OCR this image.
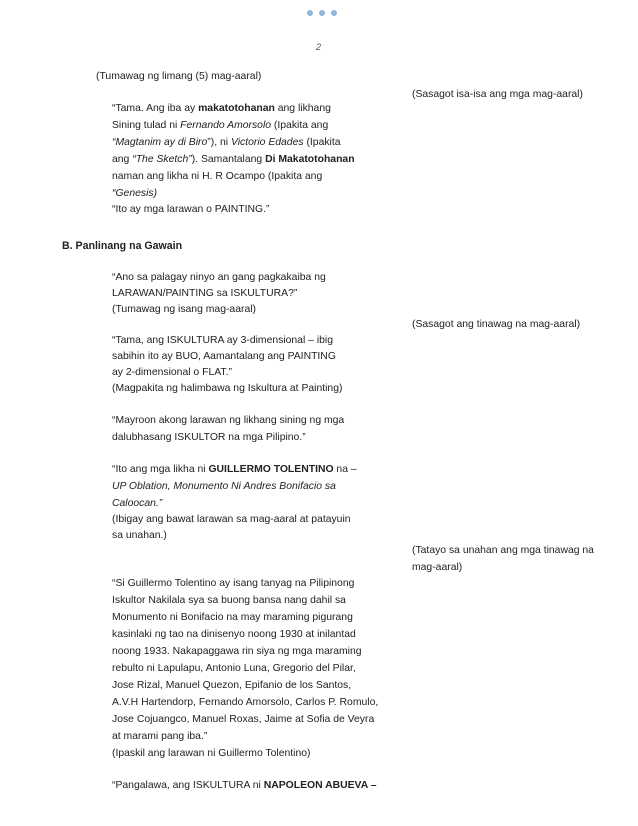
2
(Tumawag ng limang (5) mag-aaral)
(Sasagot isa-isa ang mga mag-aaral)
“Tama. Ang iba ay makatotohanan ang likhang
Sining tulad ni Fernando Amorsolo (Ipakita ang
“Magtanim ay di Biro”), ni Victorio Edades (Ipakita
ang “The Sketch”). Samantalang Di Makatotohanan
naman ang likha ni H. R Ocampo (Ipakita ang
“Genesis)
“Ito ay mga larawan o PAINTING.”
B. Panlinang na Gawain
“Ano sa palagay ninyo an gang pagkakaiba ng
LARAWAN/PAINTING sa ISKULTURA?”
(Tumawag ng isang mag-aaral)
(Sasagot ang tinawag na mag-aaral)
“Tama, ang ISKULTURA ay 3-dimensional – ibig
sabihin ito ay BUO, Aamantalang ang PAINTING
ay 2-dimensional o FLAT.”
(Magpakita ng halimbawa ng Iskultura at Painting)
“Mayroon akong larawan ng likhang sining ng mga
dalubhasang ISKULTOR na mga Pilipino.”
“Ito ang mga likha ni GUILLERMO TOLENTINO na –
UP Oblation, Monumento Ni Andres Bonifacio sa
Caloocan.”
(Ibigay ang bawat larawan sa mag-aaral at patayuin
sa unahan.)
(Tatayo sa unahan ang mga tinawag na
mag-aaral)
“Si Guillermo Tolentino ay isang tanyag na Pilipinong
Iskultor Nakilala sya sa buong bansa nang dahil sa
Monumento ni Bonifacio na may maraming pigurang
kasinlaki ng tao na dinisenyo noong 1930 at inilantad
noong 1933. Nakapaggawa rin siya ng mga maraming
rebulto ni Lapulapu, Antonio Luna, Gregorio del Pilar,
Jose Rizal, Manuel Quezon, Epifanio de los Santos,
A.V.H Hartendorp, Fernando Amorsolo, Carlos P. Romulo,
Jose Cojuangco, Manuel Roxas, Jaime at Sofia de Veyra
at marami pang iba.”
(Ipaskil ang larawan ni Guillermo Tolentino)
“Pangalawa, ang ISKULTURA ni NAPOLEON ABUEVA –
